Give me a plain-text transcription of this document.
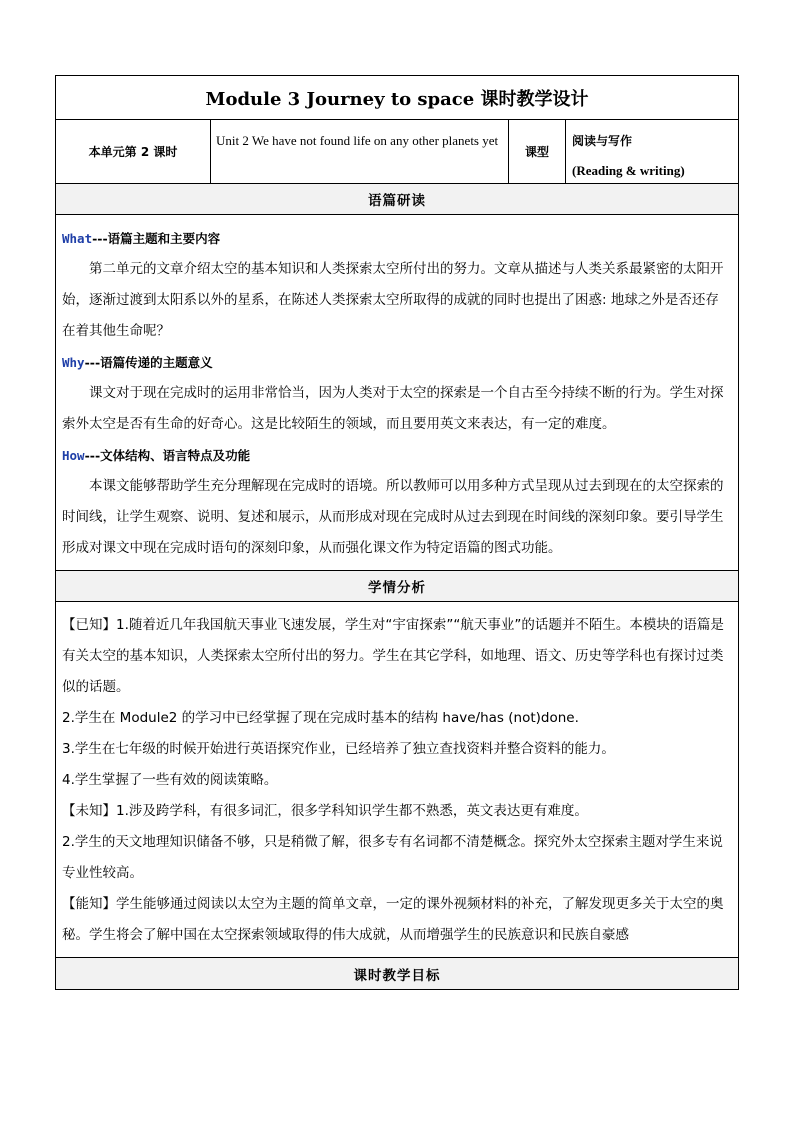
Module 3 Journey to space 课时教学设计
本单元第 2 课时
Unit 2 We have not found life on any other planets yet
课型
阅读与写作
(Reading & writing)
语篇研读

What---语篇主题和主要内容

第二单元的文章介绍太空的基本知识和人类探索太空所付出的努力。文章从描述与人类关系最紧密的太阳开始，逐渐过渡到太阳系以外的星系，在陈述人类探索太空所取得的成就的同时也提出了困惑: 地球之外是否还存在着其他生命呢？

Why---语篇传递的主题意义

课文对于现在完成时的运用非常恰当，因为人类对于太空的探索是一个自古至今持续不断的行为。学生对探索外太空是否有生命的好奇心。这是比较陌生的领域，而且要用英文来表达，有一定的难度。

How---文体结构、语言特点及功能

本课文能够帮助学生充分理解现在完成时的语境。所以教师可以用多种方式呈现从过去到现在的太空探索的时间线，让学生观察、说明、复述和展示，从而形成对现在完成时从过去到现在时间线的深刻印象。要引导学生形成对课文中现在完成时语句的深刻印象，从而强化课文作为特定语篇的图式功能。

学情分析

【已知】1.随着近几年我国航天事业飞速发展，学生对“宇宙探索”“航天事业”的话题并不陌生。本模块的语篇是有关太空的基本知识，人类探索太空所付出的努力。学生在其它学科，如地理、语文、历史等学科也有探讨过类似的话题。

2.学生在 Module2 的学习中已经掌握了现在完成时基本的结构 have/has (not)done.

3.学生在七年级的时候开始进行英语探究作业，已经培养了独立查找资料并整合资料的能力。

4.学生掌握了一些有效的阅读策略。

【未知】1.涉及跨学科，有很多词汇，很多学科知识学生都不熟悉，英文表达更有难度。

2.学生的天文地理知识储备不够，只是稍微了解，很多专有名词都不清楚概念。探究外太空探索主题对学生来说专业性较高。

【能知】学生能够通过阅读以太空为主题的简单文章，一定的课外视频材料的补充，了解发现更多关于太空的奥秘。学生将会了解中国在太空探索领域取得的伟大成就，从而增强学生的民族意识和民族自豪感

课时教学目标
